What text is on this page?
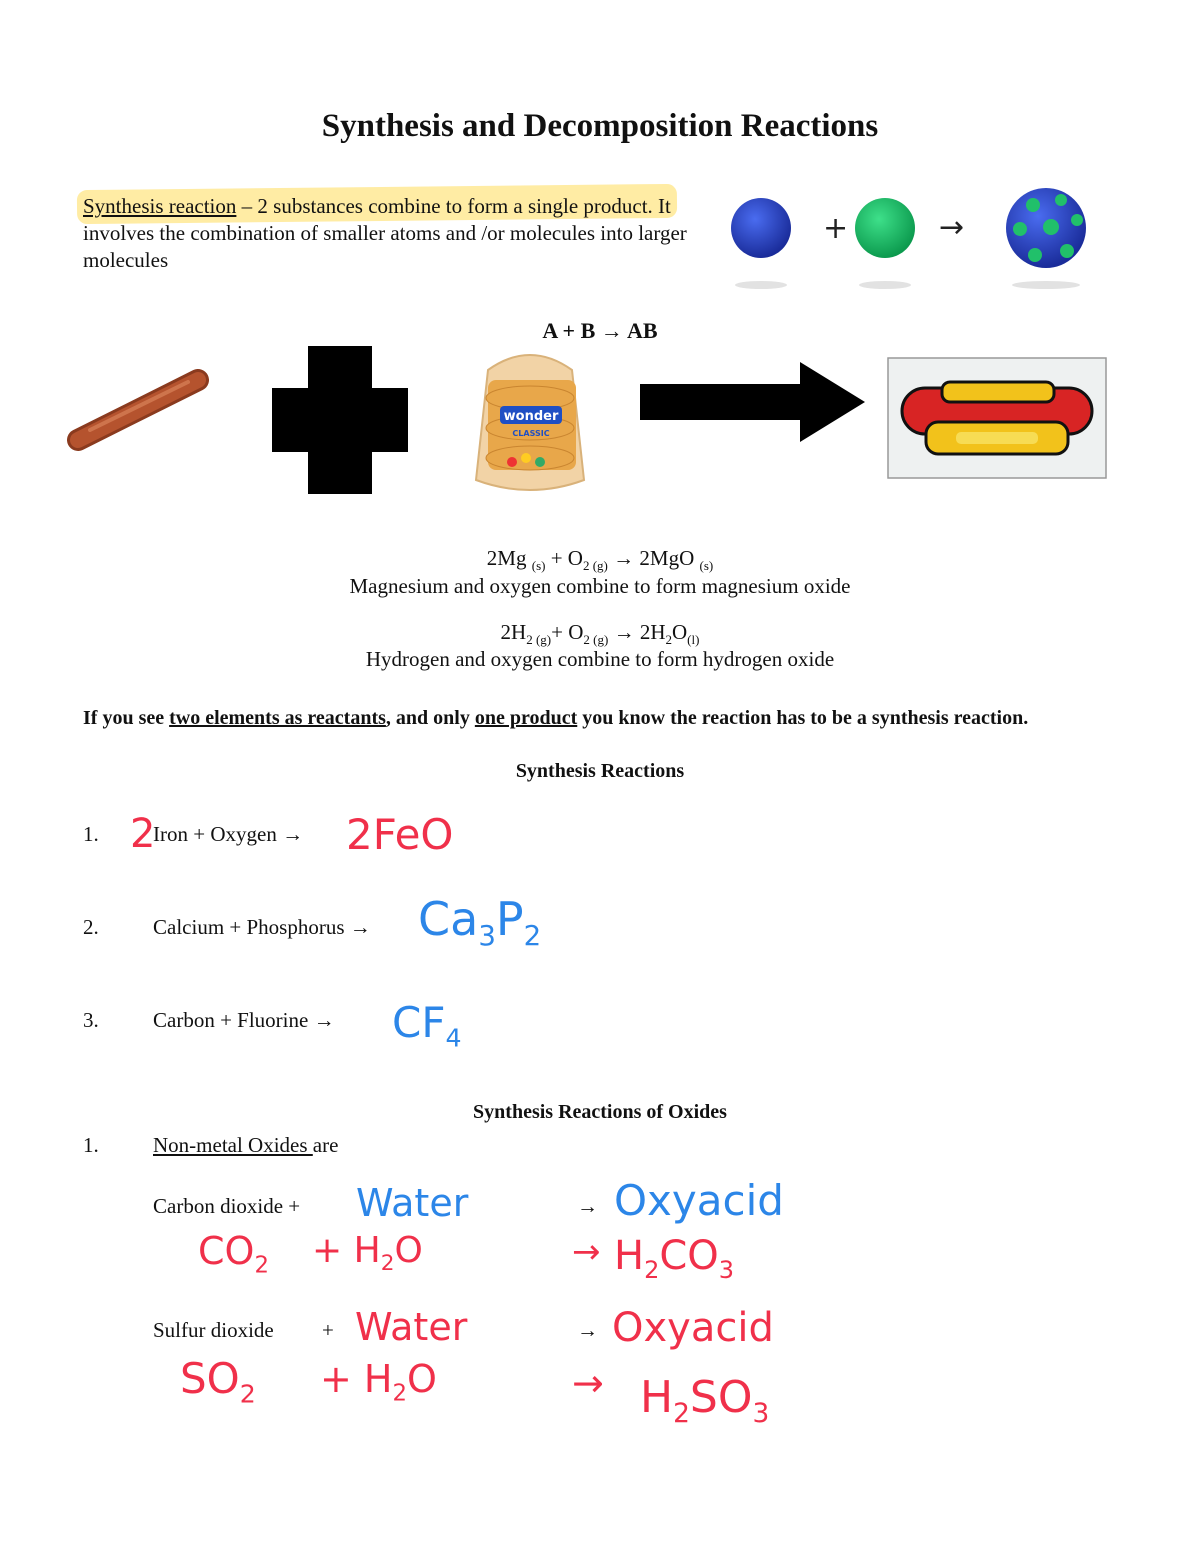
Synthesis and Decomposition Reactions
Synthesis reaction – 2 substances combine to form a single product. It involves the combination of smaller atoms and /or molecules into larger molecules
+	→
A + B → AB
wonder
CLASSIC
2Mg $_{(s)} + O_{2 (g)} \to 2MgO$ $_{(s)}$
Magnesium and oxygen combine to form magnesium oxide
$2H_{2 (g)}+ O_{2 (g)} \to 2H_2O_{(l)}$
Hydrogen and oxygen combine to form hydrogen oxide
If you see two elements as reactants, and only one product you know the reaction has to be a synthesis reaction.
Synthesis Reactions
1. 2
Iron + Oxygen → 2FeO
2.	Calcium + Phosphorus → $Ca_3P_2$
3.	Carbon + Fluorine → $CF_4$
Synthesis Reactions of Oxides
1.	Non-metal Oxides are
Carbon dioxide + Water	→ Oxyacid
$CO_2 + H_2O$	→ $H_2CO_3$
Sulfur dioxide + Water	→ Oxyacid
$SO_2 + H_2O$	→ $H_2SO_3$
